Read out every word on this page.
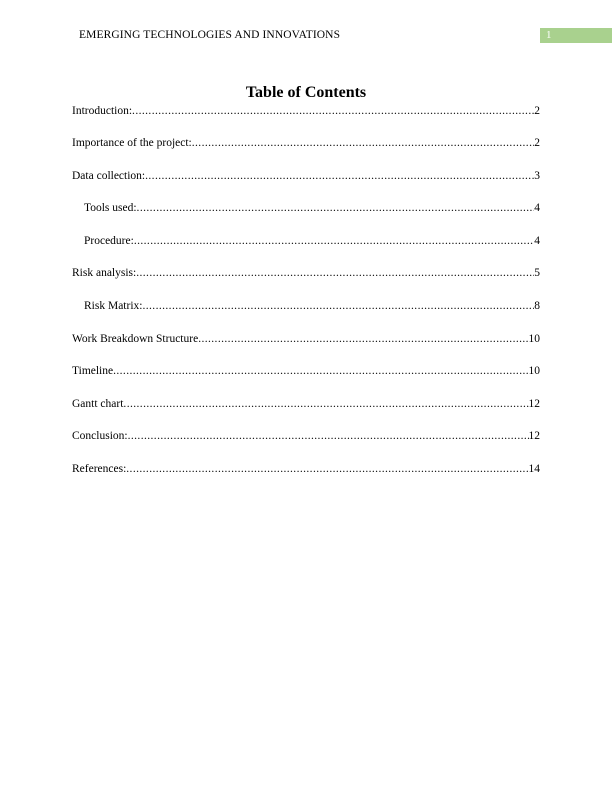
EMERGING TECHNOLOGIES AND INNOVATIONS	1
Table of Contents
Introduction: .....	2
Importance of the project: .....	2
Data collection: .....	3
Tools used: .....	4
Procedure: .....	4
Risk analysis: .....	5
Risk Matrix: .....	8
Work Breakdown Structure .....	10
Timeline .....	10
Gantt chart .....	12
Conclusion: .....	12
References: .....	14
